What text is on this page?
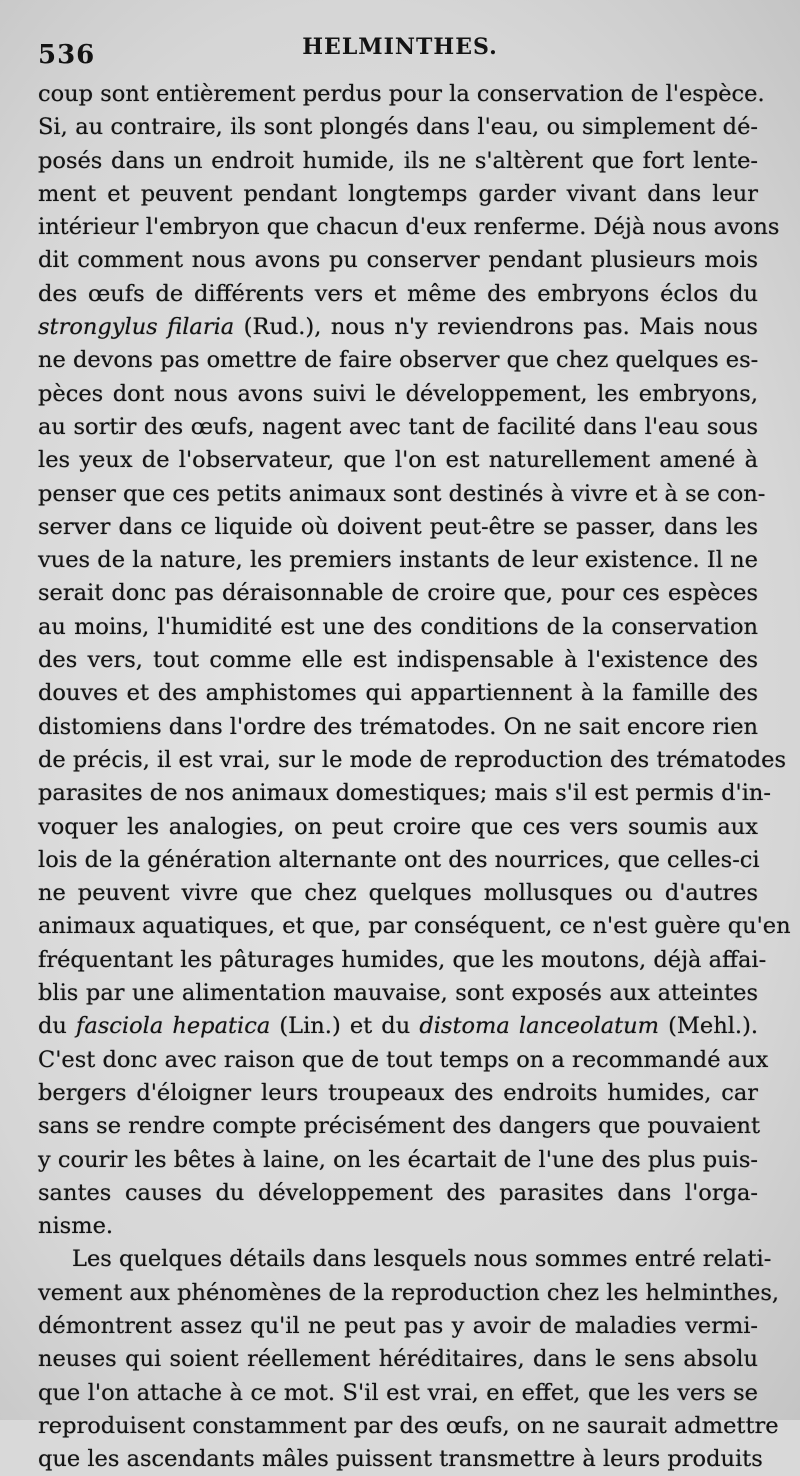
536	HELMINTHES.
coup sont entièrement perdus pour la conservation de l'espèce.
Si, au contraire, ils sont plongés dans l'eau, ou simplement dé-
posés dans un endroit humide, ils ne s'altèrent que fort lente-
ment et peuvent pendant longtemps garder vivant dans leur
intérieur l'embryon que chacun d'eux renferme. Déjà nous avons
dit comment nous avons pu conserver pendant plusieurs mois
des œufs de différents vers et même des embryons éclos du
strongylus filaria (Rud.), nous n'y reviendrons pas. Mais nous
ne devons pas omettre de faire observer que chez quelques es-
pèces dont nous avons suivi le développement, les embryons,
au sortir des œufs, nagent avec tant de facilité dans l'eau sous
les yeux de l'observateur, que l'on est naturellement amené à
penser que ces petits animaux sont destinés à vivre et à se con-
server dans ce liquide où doivent peut-être se passer, dans les
vues de la nature, les premiers instants de leur existence. Il ne
serait donc pas déraisonnable de croire que, pour ces espèces
au moins, l'humidité est une des conditions de la conservation
des vers, tout comme elle est indispensable à l'existence des
douves et des amphistomes qui appartiennent à la famille des
distomiens dans l'ordre des trématodes. On ne sait encore rien
de précis, il est vrai, sur le mode de reproduction des trématodes
parasites de nos animaux domestiques; mais s'il est permis d'in-
voquer les analogies, on peut croire que ces vers soumis aux
lois de la génération alternante ont des nourrices, que celles-ci
ne peuvent vivre que chez quelques mollusques ou d'autres
animaux aquatiques, et que, par conséquent, ce n'est guère qu'en
fréquentant les pâturages humides, que les moutons, déjà affai-
blis par une alimentation mauvaise, sont exposés aux atteintes
du fasciola hepatica (Lin.) et du distoma lanceolatum (Mehl.).
C'est donc avec raison que de tout temps on a recommandé aux
bergers d'éloigner leurs troupeaux des endroits humides, car
sans se rendre compte précisément des dangers que pouvaient
y courir les bêtes à laine, on les écartait de l'une des plus puis-
santes causes du développement des parasites dans l'orga-
nisme.
Les quelques détails dans lesquels nous sommes entré relati-
vement aux phénomènes de la reproduction chez les helminthes,
démontrent assez qu'il ne peut pas y avoir de maladies vermi-
neuses qui soient réellement héréditaires, dans le sens absolu
que l'on attache à ce mot. S'il est vrai, en effet, que les vers se
reproduisent constamment par des œufs, on ne saurait admettre
que les ascendants mâles puissent transmettre à leurs produits
